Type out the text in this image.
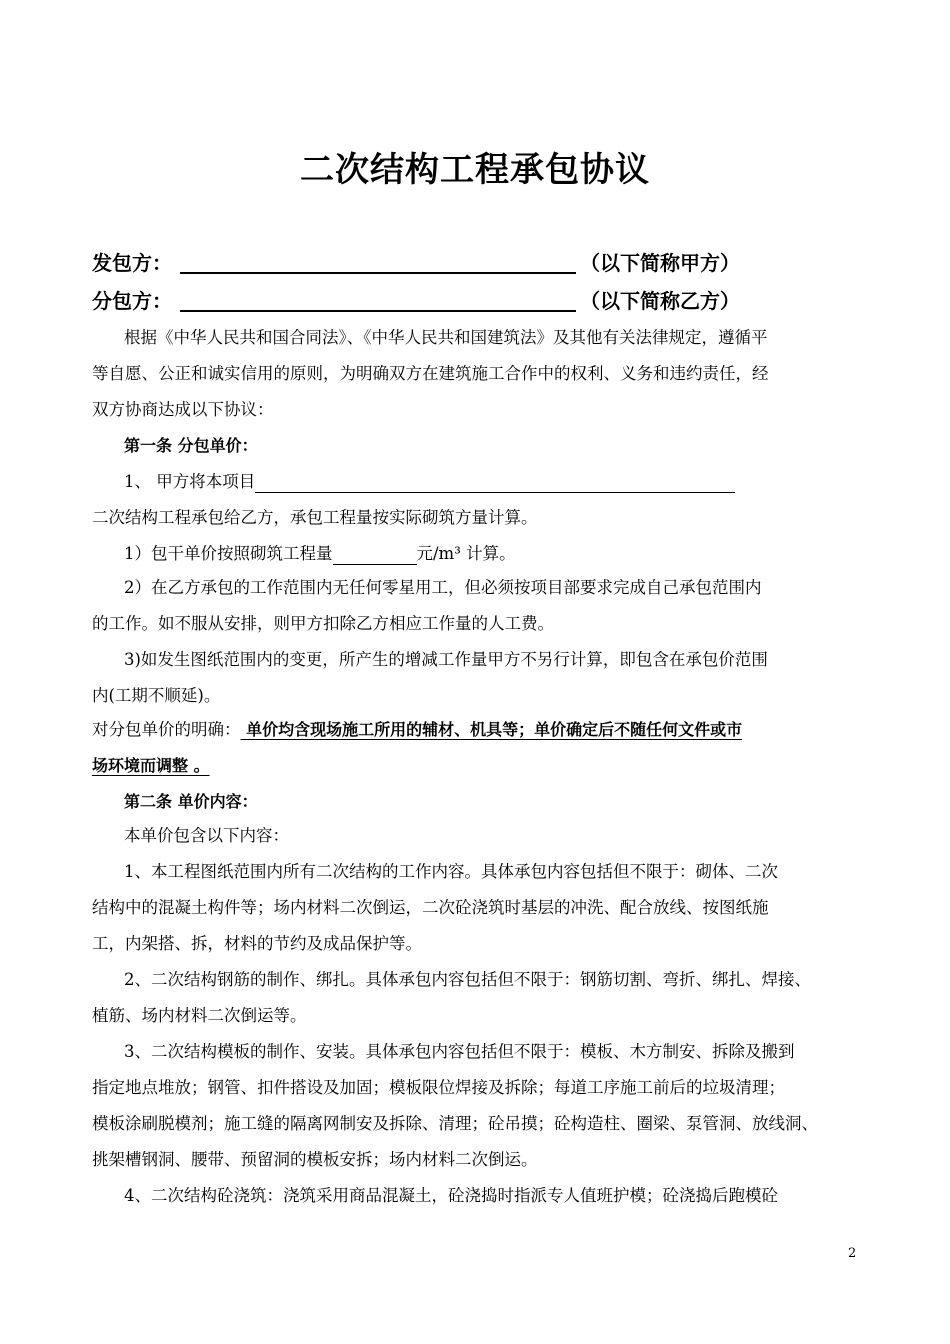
二次结构工程承包协议
发包方：	（以下简称甲方）
分包方：	（以下简称乙方）
根据《中华人民共和国合同法》、《中华人民共和国建筑法》及其他有关法律规定，遵循平
等自愿、公正和诚实信用的原则，为明确双方在建筑施工合作中的权利、义务和违约责任，经
双方协商达成以下协议：
第一条 分包单价：
1、 甲方将本项目
二次结构工程承包给乙方，承包工程量按实际砌筑方量计算。
1）包干单价按照砌筑工程量	元/m³ 计算。
2）在乙方承包的工作范围内无任何零星用工，但必须按项目部要求完成自己承包范围内
的工作。如不服从安排，则甲方扣除乙方相应工作量的人工费。
3)如发生图纸范围内的变更，所产生的增减工作量甲方不另行计算，即包含在承包价范围
内(工期不顺延)。
对分包单价的明确： 单价均含现场施工所用的辅材、机具等；单价确定后不随任何文件或市
场环境而调整 。
第二条 单价内容：
本单价包含以下内容：
1、本工程图纸范围内所有二次结构的工作内容。具体承包内容包括但不限于：砌体、二次
结构中的混凝土构件等；场内材料二次倒运，二次砼浇筑时基层的冲洗、配合放线、按图纸施
工，内架搭、拆，材料的节约及成品保护等。
2、二次结构钢筋的制作、绑扎。具体承包内容包括但不限于：钢筋切割、弯折、绑扎、焊接、
植筋、场内材料二次倒运等。
3、二次结构模板的制作、安装。具体承包内容包括但不限于：模板、木方制安、拆除及搬到
指定地点堆放；钢管、扣件搭设及加固；模板限位焊接及拆除；每道工序施工前后的垃圾清理；
模板涂刷脱模剂；施工缝的隔离网制安及拆除、清理；砼吊摸；砼构造柱、圈梁、泵管洞、放线洞、
挑架槽钢洞、腰带、预留洞的模板安拆；场内材料二次倒运。
4、二次结构砼浇筑：浇筑采用商品混凝土，砼浇捣时指派专人值班护模；砼浇捣后跑模砼
2
